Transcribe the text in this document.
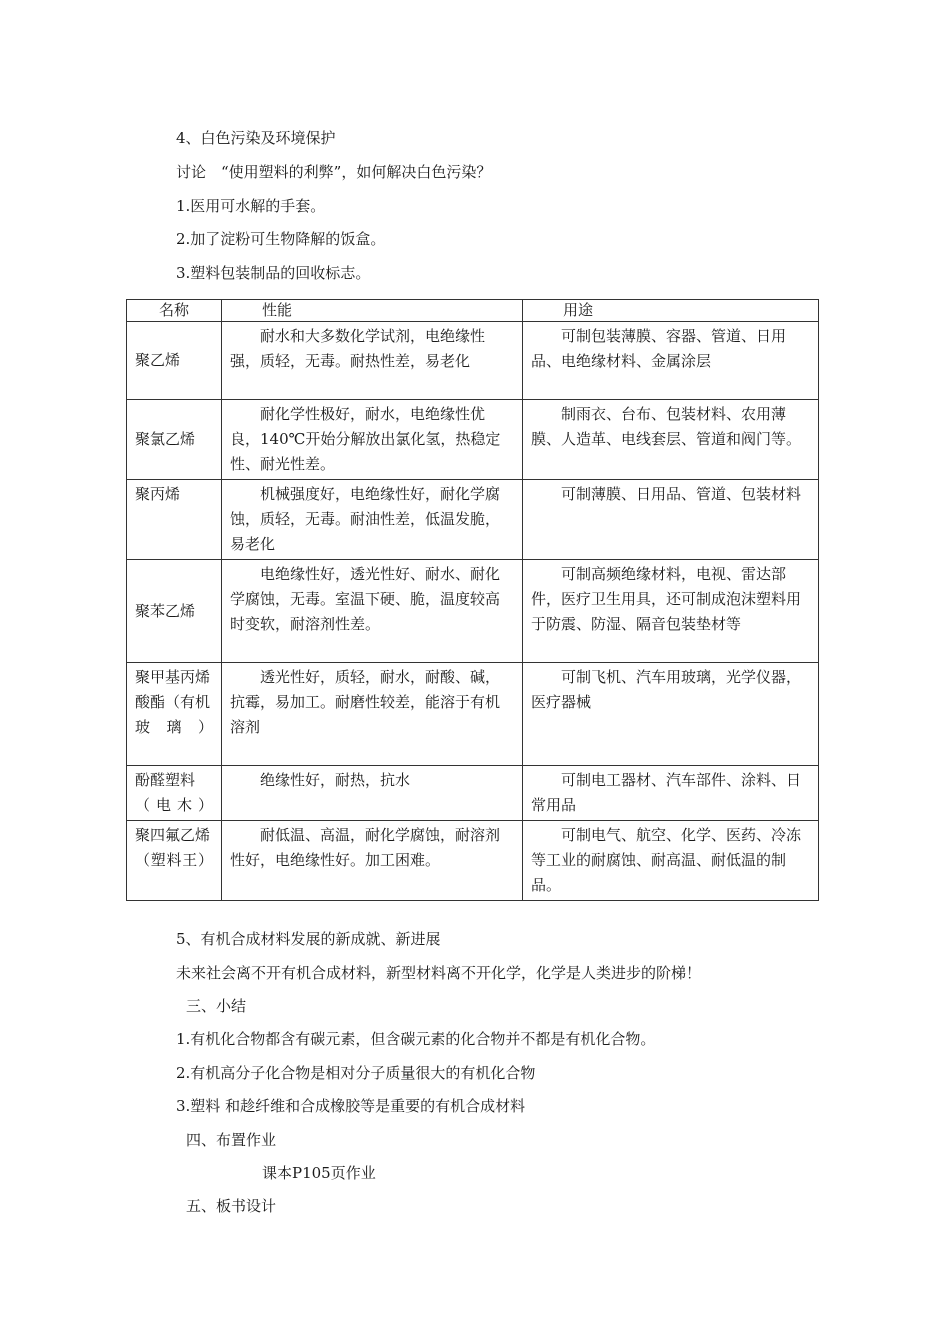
4、白色污染及环境保护
讨论　“使用塑料的利弊”，如何解决白色污染？
1.医用可水解的手套。
2.加了淀粉可生物降解的饭盒。
3.塑料包装制品的回收标志。
名称	性能	用途
聚乙烯	耐水和大多数化学试剂，电绝缘性强，质轻，无毒。耐热性差，易老化	可制包装薄膜、容器、管道、日用品、电绝缘材料、金属涂层
聚氯乙烯	耐化学性极好，耐水，电绝缘性优良，140℃开始分解放出氯化氢，热稳定性、耐光性差。	制雨衣、台布、包装材料、农用薄膜、人造革、电线套层、管道和阀门等。
聚丙烯	机械强度好，电绝缘性好，耐化学腐蚀，质轻，无毒。耐油性差，低温发脆，易老化	可制薄膜、日用品、管道、包装材料
聚苯乙烯	电绝缘性好，透光性好、耐水、耐化学腐蚀，无毒。室温下硬、脆，温度较高时变软，耐溶剂性差。	可制高频绝缘材料，电视、雷达部件，医疗卫生用具，还可制成泡沫塑料用于防震、防湿、隔音包装垫材等
聚甲基丙烯酸酯（有机玻璃）	透光性好，质轻，耐水，耐酸、碱，抗霉，易加工。耐磨性较差，能溶于有机溶剂	可制飞机、汽车用玻璃，光学仪器，医疗器械
酚醛塑料（电木）	绝缘性好，耐热，抗水	可制电工器材、汽车部件、涂料、日常用品
聚四氟乙烯（塑料王）	耐低温、高温，耐化学腐蚀，耐溶剂性好，电绝缘性好。加工困难。	可制电气、航空、化学、医药、冷冻等工业的耐腐蚀、耐高温、耐低温的制品。
5、有机合成材料发展的新成就、新进展
未来社会离不开有机合成材料，新型材料离不开化学，化学是人类进步的阶梯！
三、小结
1.有机化合物都含有碳元素，但含碳元素的化合物并不都是有机化合物。
2.有机高分子化合物是相对分子质量很大的有机化合物
3.塑料 和趁纤维和合成橡胶等是重要的有机合成材料
四、布置作业
课本P105页作业
五、板书设计
